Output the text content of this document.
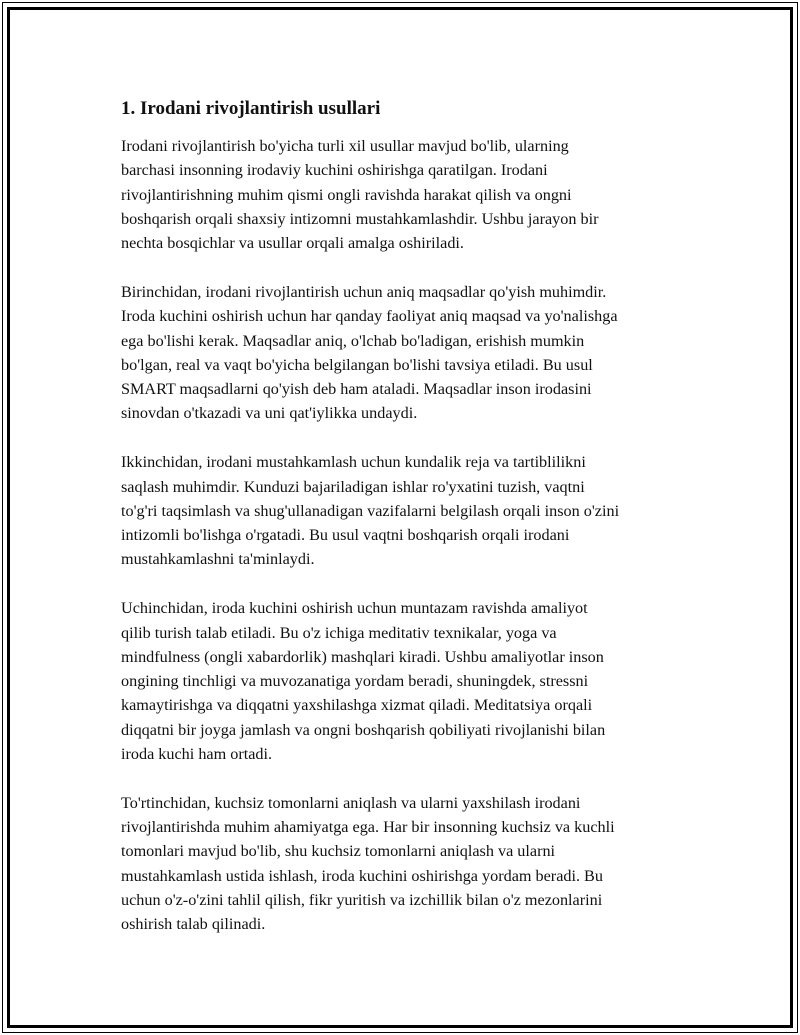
1. Irodani rivojlantirish usullari

Irodani rivojlantirish bo'yicha turli xil usullar mavjud bo'lib, ularning
barchasi insonning irodaviy kuchini oshirishga qaratilgan. Irodani
rivojlantirishning muhim qismi ongli ravishda harakat qilish va ongni
boshqarish orqali shaxsiy intizomni mustahkamlashdir. Ushbu jarayon bir
nechta bosqichlar va usullar orqali amalga oshiriladi.

Birinchidan, irodani rivojlantirish uchun aniq maqsadlar qo'yish muhimdir.
Iroda kuchini oshirish uchun har qanday faoliyat aniq maqsad va yo'nalishga
ega bo'lishi kerak. Maqsadlar aniq, o'lchab bo'ladigan, erishish mumkin
bo'lgan, real va vaqt bo'yicha belgilangan bo'lishi tavsiya etiladi. Bu usul
SMART maqsadlarni qo'yish deb ham ataladi. Maqsadlar inson irodasini
sinovdan o'tkazadi va uni qat'iylikka undaydi.

Ikkinchidan, irodani mustahkamlash uchun kundalik reja va tartiblilikni
saqlash muhimdir. Kunduzi bajariladigan ishlar ro'yxatini tuzish, vaqtni
to'g'ri taqsimlash va shug'ullanadigan vazifalarni belgilash orqali inson o'zini
intizomli bo'lishga o'rgatadi. Bu usul vaqtni boshqarish orqali irodani
mustahkamlashni ta'minlaydi.

Uchinchidan, iroda kuchini oshirish uchun muntazam ravishda amaliyot
qilib turish talab etiladi. Bu o'z ichiga meditativ texnikalar, yoga va
mindfulness (ongli xabardorlik) mashqlari kiradi. Ushbu amaliyotlar inson
ongining tinchligi va muvozanatiga yordam beradi, shuningdek, stressni
kamaytirishga va diqqatni yaxshilashga xizmat qiladi. Meditatsiya orqali
diqqatni bir joyga jamlash va ongni boshqarish qobiliyati rivojlanishi bilan
iroda kuchi ham ortadi.

To'rtinchidan, kuchsiz tomonlarni aniqlash va ularni yaxshilash irodani
rivojlantirishda muhim ahamiyatga ega. Har bir insonning kuchsiz va kuchli
tomonlari mavjud bo'lib, shu kuchsiz tomonlarni aniqlash va ularni
mustahkamlash ustida ishlash, iroda kuchini oshirishga yordam beradi. Bu
uchun o'z-o'zini tahlil qilish, fikr yuritish va izchillik bilan o'z mezonlarini
oshirish talab qilinadi.
